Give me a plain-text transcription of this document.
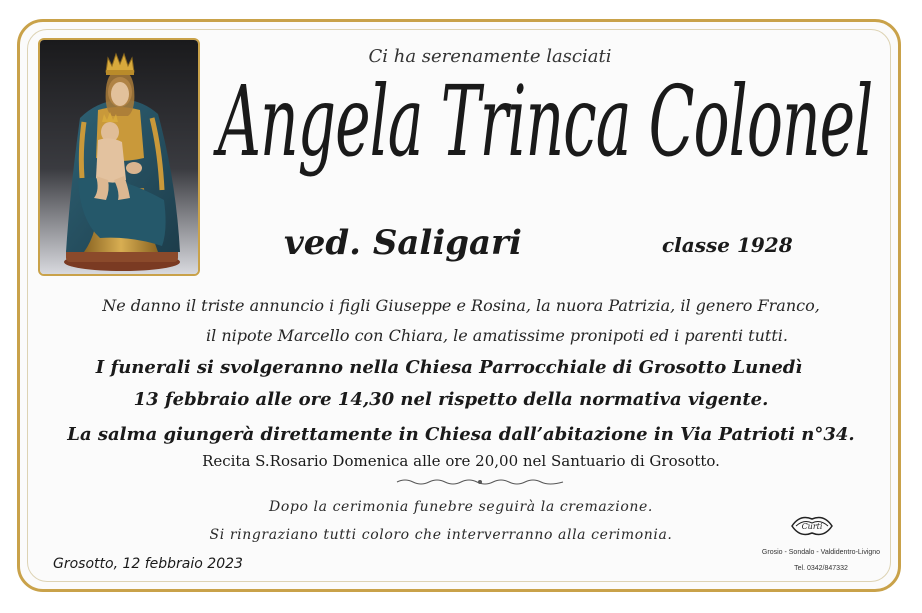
Ci ha serenamente lasciati
Angela Trinca Colonel
ved. Saligari	classe 1928
Ne danno il triste annuncio i figli Giuseppe e Rosina, la nuora Patrizia, il genero Franco,
il nipote Marcello con Chiara, le amatissime pronipoti ed i parenti tutti.
I funerali si svolgeranno nella Chiesa Parrocchiale di Grosotto Lunedì
13 febbraio alle ore 14,30 nel rispetto della normativa vigente.
La salma giungerà direttamente in Chiesa dall’abitazione in Via Patrioti n°34.
Recita S.Rosario Domenica alle ore 20,00 nel Santuario di Grosotto.
Dopo la cerimonia funebre seguirà la cremazione.
Si ringraziano tutti coloro che interverranno alla cerimonia.
Grosotto, 12 febbraio 2023
Curti
Grosio - Sondalo - Valdidentro-Livigno
Tel. 0342/847332
